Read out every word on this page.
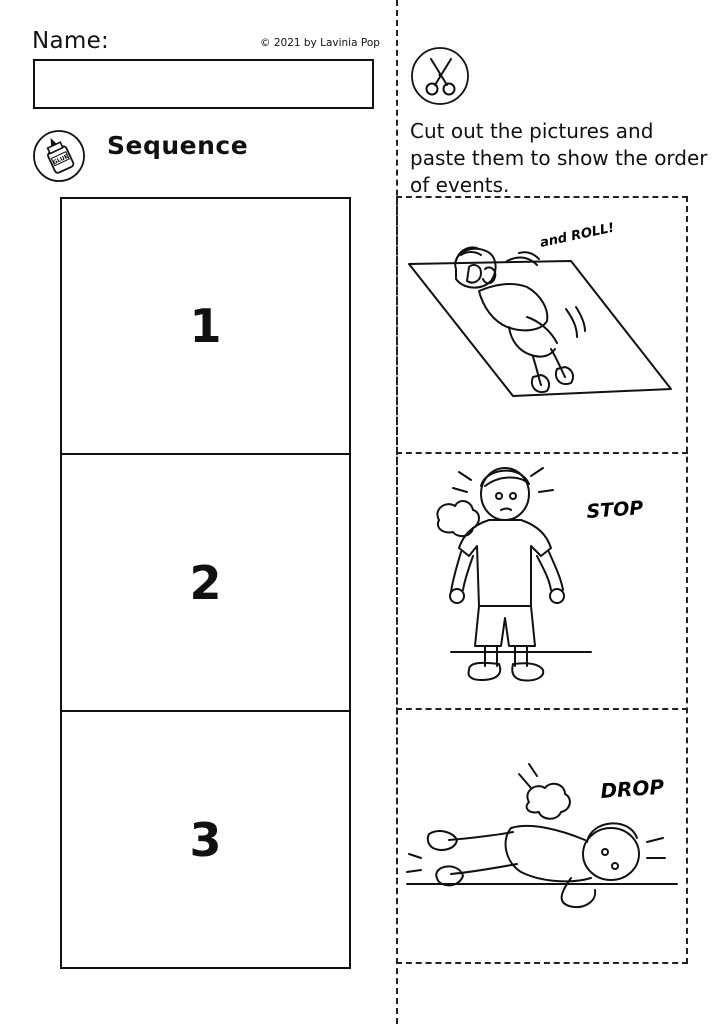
Name:	© 2021 by Lavinia Pop
GLUE
Sequence
1
2
3
Cut out the pictures and paste them to show the order of events.
and ROLL!
STOP
DROP
